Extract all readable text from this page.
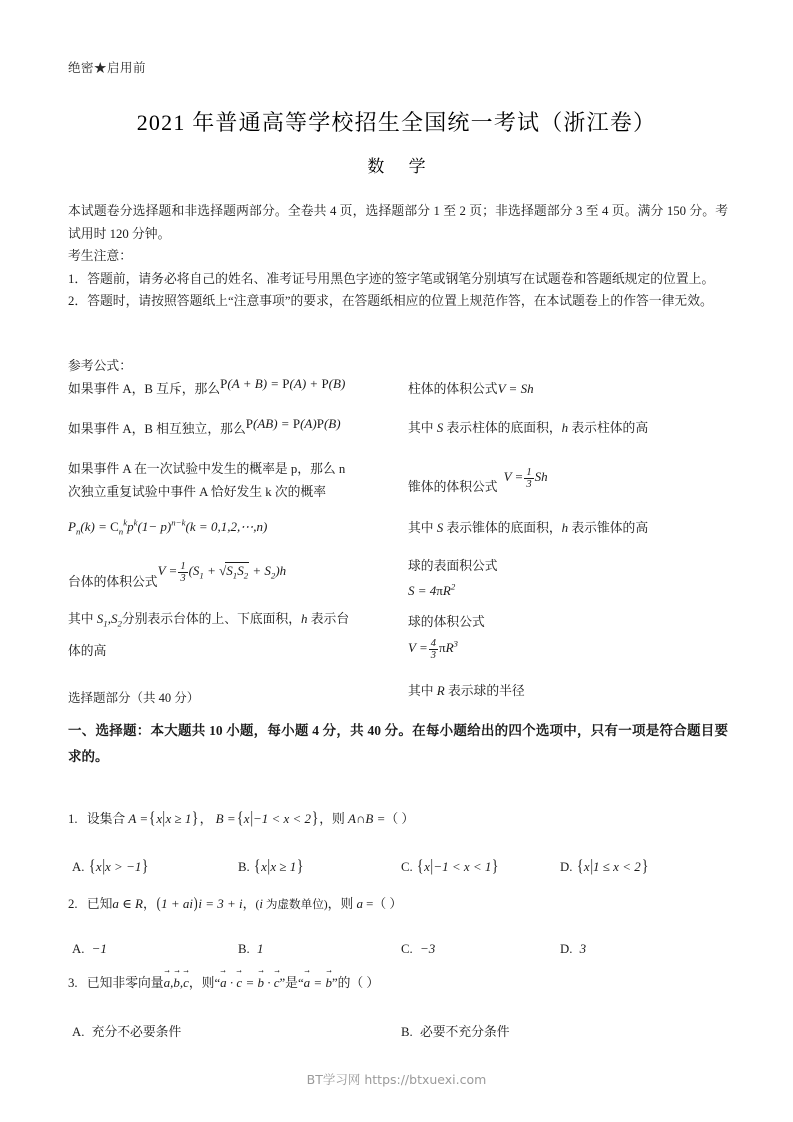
绝密★启用前
2021 年普通高等学校招生全国统一考试（浙江卷）
数 学

本试题卷分选择题和非选择题两部分。全卷共 4 页，选择题部分 1 至 2 页；非选择题部分 3 至 4 页。满分 150 分。考试用时 120 分钟。

考生注意：

1．答题前，请务必将自己的姓名、准考证号用黑色字迹的签字笔或钢笔分别填写在试题卷和答题纸规定的位置上。

2．答题时，请按照答题纸上“注意事项”的要求，在答题纸相应的位置上规范作答，在本试题卷上的作答一律无效。

参考公式：
如果事件 A，B 互斥，那么P(A + B) = P(A) + P(B)
如果事件 A，B 相互独立，那么P(AB) = P(A)P(B)
如果事件 A 在一次试验中发生的概率是 p，那么 n
次独立重复试验中事件 A 恰好发生 k 次的概率
$P_n(k) = C_n^kp^k(1- p)^{n-k}(k$ = 0,1,2,⋯,n)
台体的体积公式$V = \frac{1}{3} (S_1 + √S_1S_2 + S_2)h$
其中 $S_1,S_2$分别表示台体的上、下底面积，h 表示台
体的高
柱体的体积公式V = Sh
其中 S 表示柱体的底面积，h 表示柱体的高
锥体的体积公式$V = \frac{1}{3}$ Sh
其中 S 表示锥体的底面积，h 表示锥体的高
球的表面积公式
$S = 4\pi R^2$
球的体积公式
$V = \frac{4}{3} \pi R^3$
其中 R 表示球的半径
选择题部分（共 40 分）
一、选择题：本大题共 10 小题，每小题 4 分，共 40 分。在每小题给出的四个选项中，只有一项是符合题目要求的。
1. 设集合 A ={x|x ≥ 1}， B ={x|−1 < x < 2}，则 A∩B =（ ）
A. {x|x > −1}	B. {x|x ≥ 1}	C. {x|−1 < x < 1}	D. {x|1 ≤ x < 2}
2. 已知a ∈ R，(1 + ai)i = 3 + i，(i 为虚数单位)，则 a =（ ）
A. −1	B. 1	C. −3	D. 3
3. 已知非零向量a →,b →,c →，则“a → · c → = b → · c →”是“a → = b →”的（ ）
A. 充分不必要条件	B. 必要不充分条件
BT学习网 https://btxuexi.com
